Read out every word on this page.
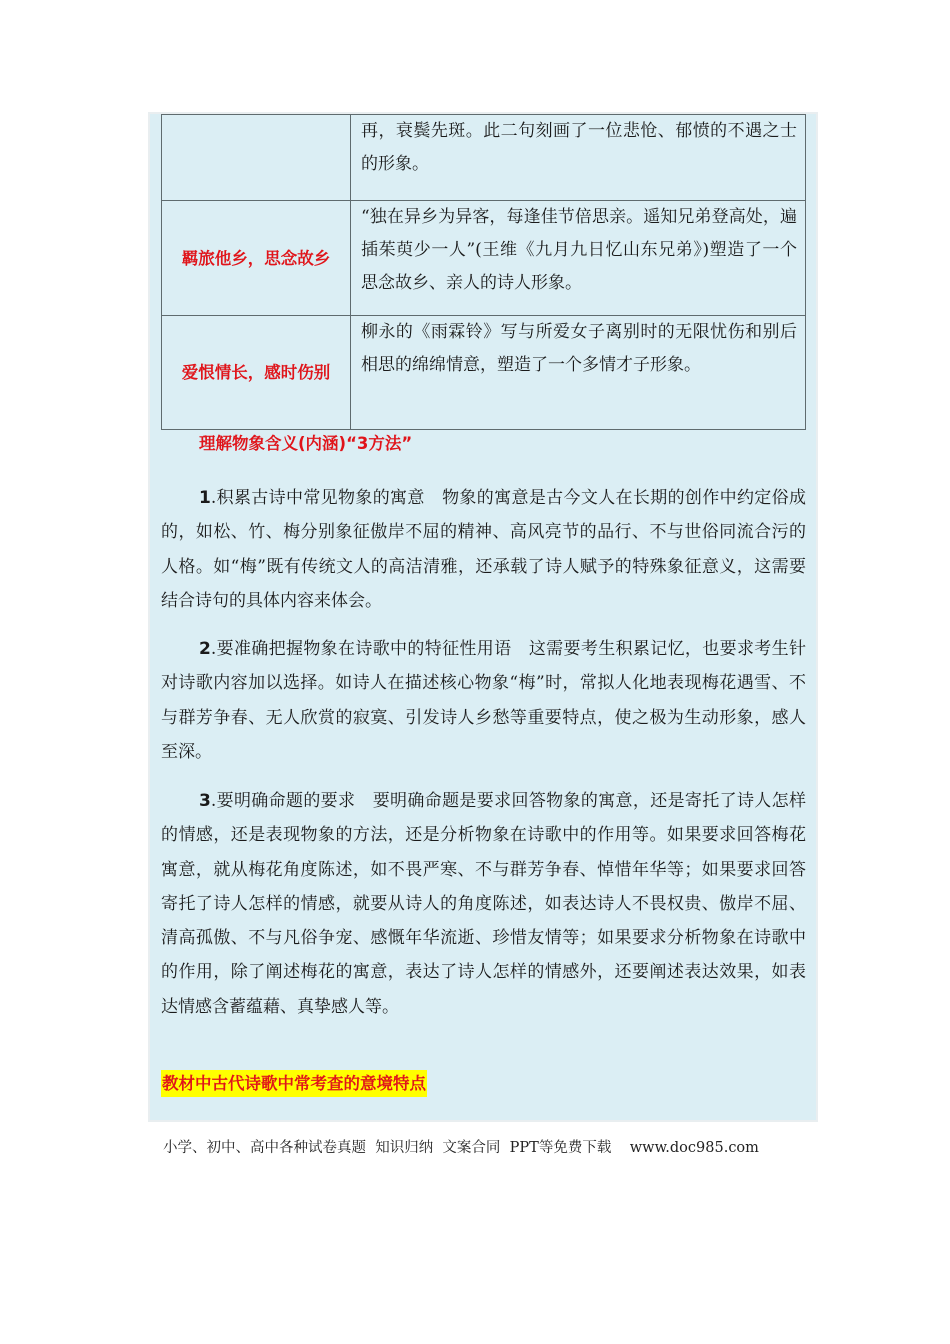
	再，衰鬓先斑。此二句刻画了一位悲怆、郁愤的不遇之士的形象。
羁旅他乡，思念故乡	“独在异乡为异客，每逢佳节倍思亲。遥知兄弟登高处，遍插茱萸少一人”(王维《九月九日忆山东兄弟》)塑造了一个思念故乡、亲人的诗人形象。
爱恨情长，感时伤别	柳永的《雨霖铃》写与所爱女子离别时的无限忧伤和别后相思的绵绵情意，塑造了一个多情才子形象。
理解物象含义(内涵)“3方法”

1.积累古诗中常见物象的寓意　物象的寓意是古今文人在长期的创作中约定俗成的，如松、竹、梅分别象征傲岸不屈的精神、高风亮节的品行、不与世俗同流合污的人格。如“梅”既有传统文人的高洁清雅，还承载了诗人赋予的特殊象征意义，这需要结合诗句的具体内容来体会。

2.要准确把握物象在诗歌中的特征性用语　这需要考生积累记忆，也要求考生针对诗歌内容加以选择。如诗人在描述核心物象“梅”时，常拟人化地表现梅花遇雪、不与群芳争春、无人欣赏的寂寞、引发诗人乡愁等重要特点，使之极为生动形象，感人至深。

3.要明确命题的要求　要明确命题是要求回答物象的寓意，还是寄托了诗人怎样的情感，还是表现物象的方法，还是分析物象在诗歌中的作用等。如果要求回答梅花寓意，就从梅花角度陈述，如不畏严寒、不与群芳争春、悼惜年华等；如果要求回答寄托了诗人怎样的情感，就要从诗人的角度陈述，如表达诗人不畏权贵、傲岸不屈、清高孤傲、不与凡俗争宠、感慨年华流逝、珍惜友情等；如果要求分析物象在诗歌中的作用，除了阐述梅花的寓意，表达了诗人怎样的情感外，还要阐述表达效果，如表达情感含蓄蕴藉、真挚感人等。

教材中古代诗歌中常考查的意境特点
小学、初中、高中各种试卷真题  知识归纳  文案合同  PPT等免费下载    www.doc985.com
